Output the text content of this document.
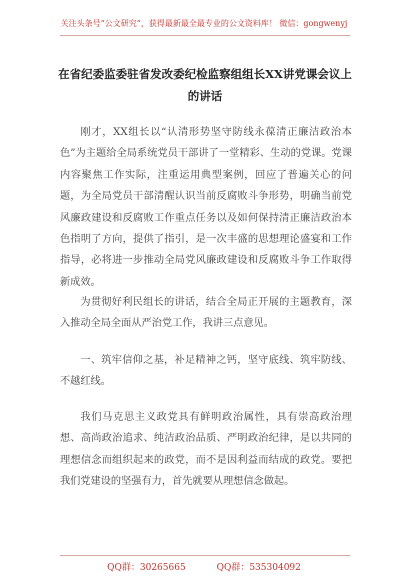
关注头条号“公文研究”，获得最新最全最专业的公文资料库！ 微信：gongwenyj
在省纪委监委驻省发改委纪检监察组组长XX讲党课会议上的讲话

刚才，XX组长以“认清形势坚守防线永葆清正廉洁政治本色”为主题给全局系统党员干部讲了一堂精彩、生动的党课。党课内容聚焦工作实际，注重运用典型案例，回应了普遍关心的问题，为全局党员干部清醒认识当前反腐败斗争形势，明确当前党风廉政建设和反腐败工作重点任务以及如何保持清正廉洁政治本色指明了方向，提供了指引，是一次丰盛的思想理论盛宴和工作指导，必将进一步推动全局党风廉政建设和反腐败斗争工作取得新成效。

为贯彻好利民组长的讲话，结合全局正开展的主题教育，深入推动全局全面从严治党工作，我讲三点意见。

一、筑牢信仰之基，补足精神之钙，坚守底线、筑牢防线、不越红线。

我们马克思主义政党具有鲜明政治属性，具有崇高政治理想、高尚政治追求、纯洁政治品质、严明政治纪律，是以共同的理想信念而组织起来的政党，而不是因利益而结成的政党。要把我们党建设的坚强有力，首先就要从理想信念做起。

QQ群：30265665	QQ群：535304092
